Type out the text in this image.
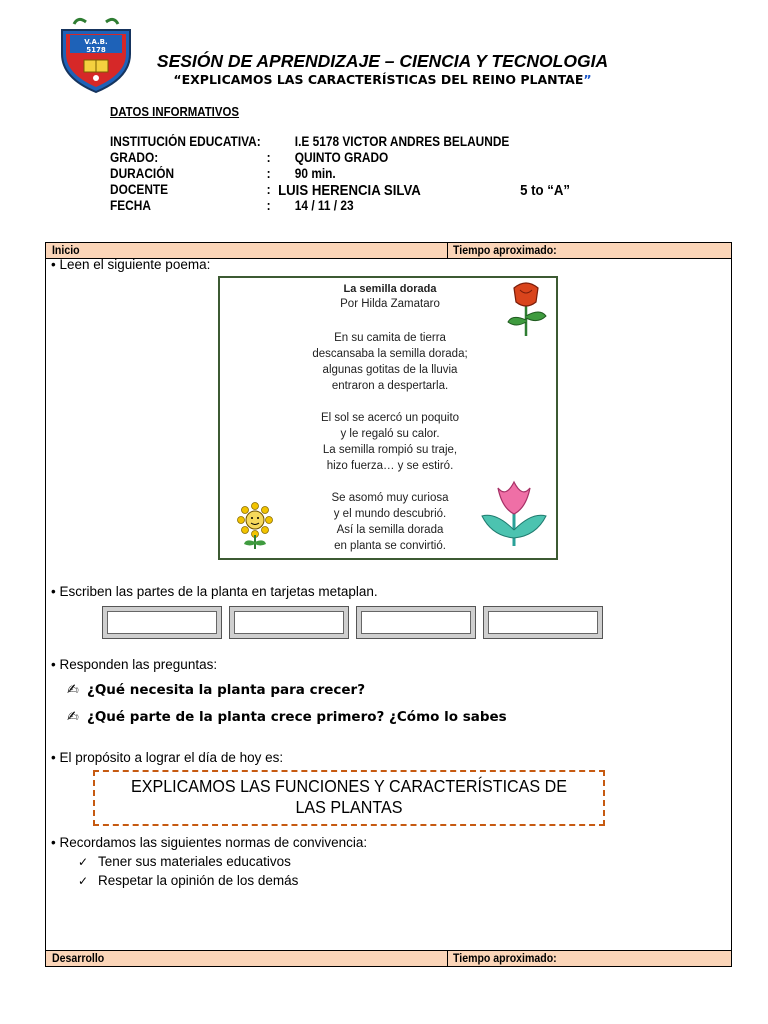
V.A.B.
5178
SESIÓN DE APRENDIZAJE – CIENCIA Y TECNOLOGIA
“EXPLICAMOS LAS CARACTERÍSTICAS DEL REINO PLANTAE”
DATOS INFORMATIVOS
INSTITUCIÓN EDUCATIVA:	I.E 5178 VICTOR ANDRES BELAUNDE
GRADO:	: QUINTO GRADO
DURACIÓN	: 90 min.
DOCENTE	: LUIS HERENCIA SILVA	5 to “A”
FECHA	: 14 / 11 / 23
Inicio	Tiempo aproximado:
• Leen el siguiente poema:
La semilla dorada
Por Hilda Zamataro
En su camita de tierra
descansaba la semilla dorada;
algunas gotitas de la lluvia
entraron a despertarla.
El sol se acercó un poquito
y le regaló su calor.
La semilla rompió su traje,
hizo fuerza… y se estiró.
Se asomó muy curiosa
y el mundo descubrió.
Así la semilla dorada
en planta se convirtió.
• Escriben las partes de la planta en tarjetas metaplan.
• Responden las preguntas:
✍ ¿Qué necesita la planta para crecer?
✍ ¿Qué parte de la planta crece primero? ¿Cómo lo sabes
• El propósito a lograr el día de hoy es:
EXPLICAMOS LAS FUNCIONES Y CARACTERÍSTICAS DE
LAS PLANTAS
• Recordamos las siguientes normas de convivencia:
✓ Tener sus materiales educativos
✓ Respetar la opinión de los demás
Desarrollo	Tiempo aproximado:
